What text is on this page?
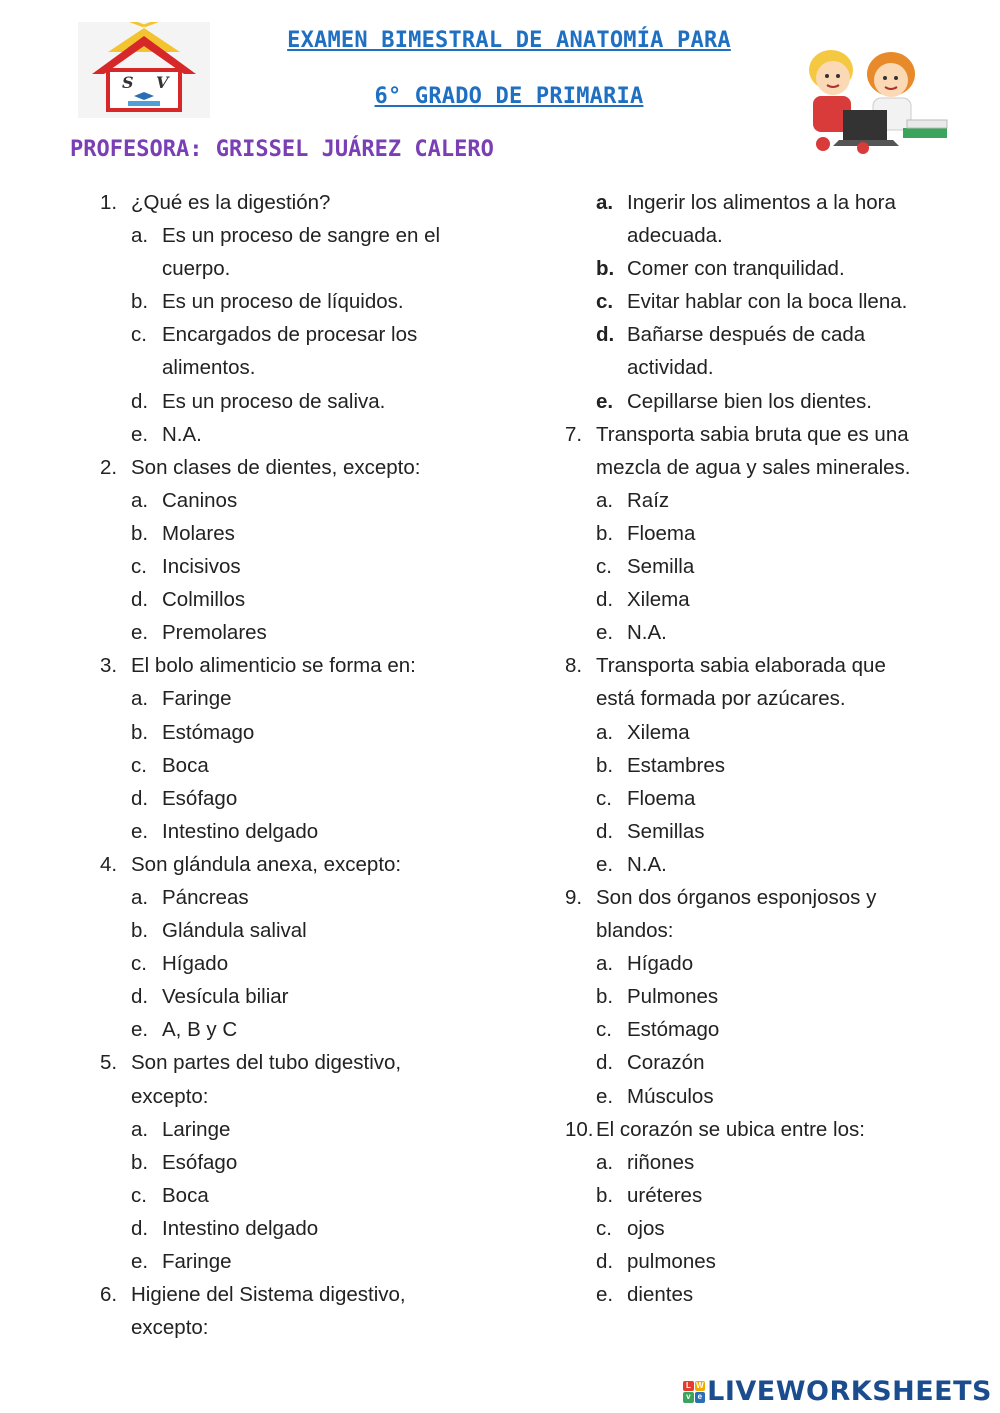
S V
EXAMEN BIMESTRAL DE ANATOMÍA PARA
6° GRADO DE PRIMARIA
PROFESORA: GRISSEL JUÁREZ CALERO
1. ¿Qué es la digestión?
a. Es un proceso de sangre en el
cuerpo.
b. Es un proceso de líquidos.
c. Encargados de procesar los
alimentos.
d. Es un proceso de saliva.
e. N.A.
2. Son clases de dientes, excepto:
a. Caninos
b. Molares
c. Incisivos
d. Colmillos
e. Premolares
3. El bolo alimenticio se forma en:
a. Faringe
b. Estómago
c. Boca
d. Esófago
e. Intestino delgado
4. Son glándula anexa, excepto:
a. Páncreas
b. Glándula salival
c. Hígado
d. Vesícula biliar
e. A, B y C
5. Son partes del tubo digestivo,
excepto:
a. Laringe
b. Esófago
c. Boca
d. Intestino delgado
e. Faringe
6. Higiene del Sistema digestivo,
excepto:
a. Ingerir los alimentos a la hora
adecuada.
b. Comer con tranquilidad.
c. Evitar hablar con la boca llena.
d. Bañarse después de cada
actividad.
e. Cepillarse bien los dientes.
7. Transporta sabia bruta que es una
mezcla de agua y sales minerales.
a. Raíz
b. Floema
c. Semilla
d. Xilema
e. N.A.
8. Transporta sabia elaborada que
está formada por azúcares.
a. Xilema
b. Estambres
c. Floema
d. Semillas
e. N.A.
9. Son dos órganos esponjosos y
blandos:
a. Hígado
b. Pulmones
c. Estómago
d. Corazón
e. Músculos
10. El corazón se ubica entre los:
a. riñones
b. uréteres
c. ojos
d. pulmones
e. dientes
L W
v e LIVEWORKSHEETS
